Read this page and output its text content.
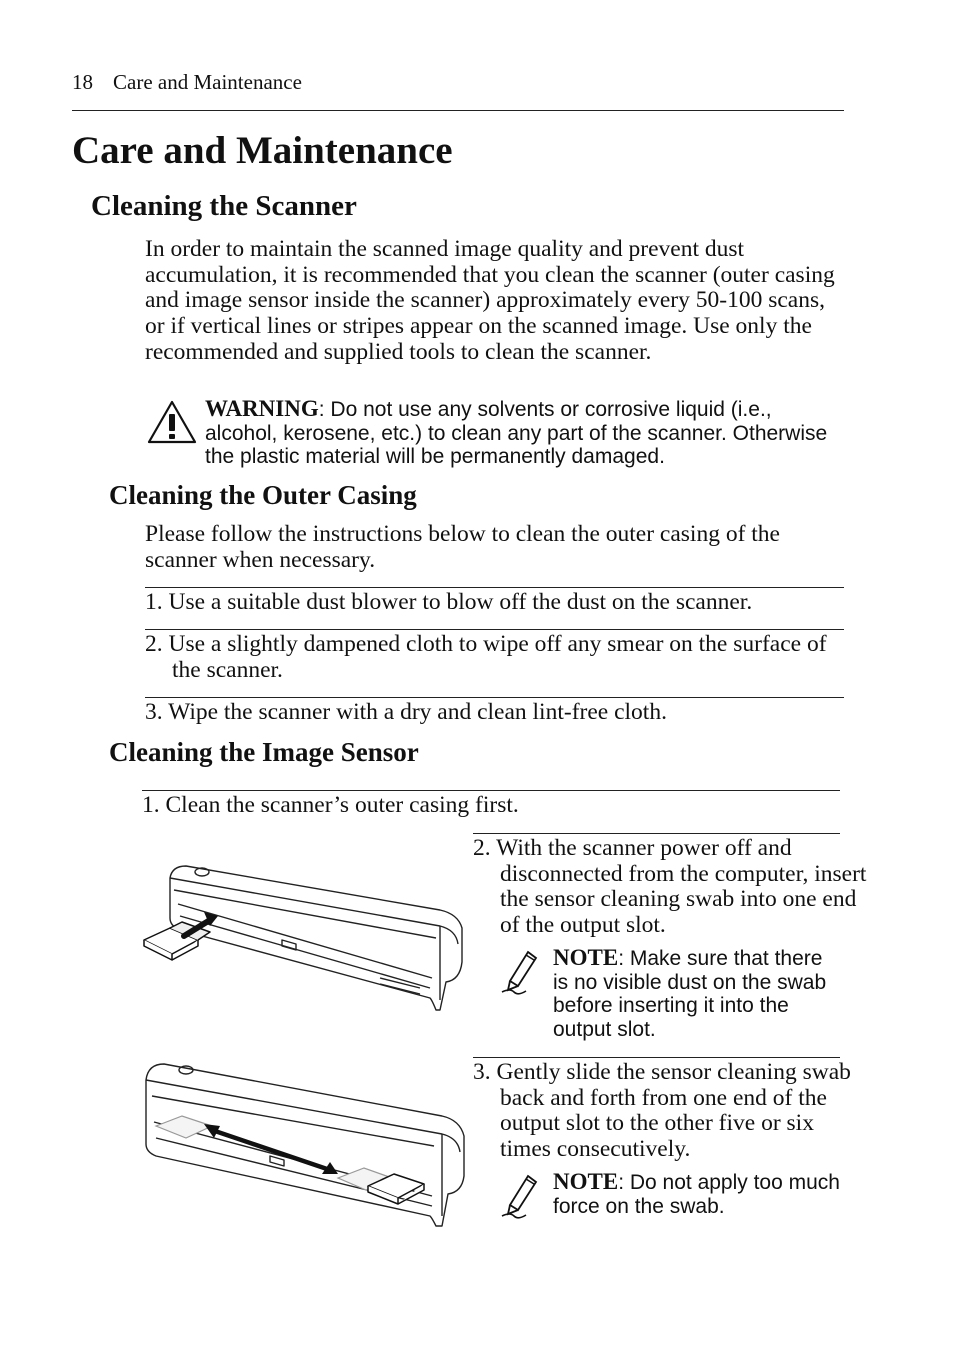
18 Care and Maintenance
Care and Maintenance
Cleaning the Scanner
In order to maintain the scanned image quality and prevent dust accumulation, it is recommended that you clean the scanner (outer casing and image sensor inside the scanner) approximately every 50-100 scans, or if vertical lines or stripes appear on the scanned image. Use only the recommended and supplied tools to clean the scanner.
WARNING: Do not use any solvents or corrosive liquid (i.e., alcohol, kerosene, etc.) to clean any part of the scanner. Otherwise the plastic material will be permanently damaged.
Cleaning the Outer Casing
Please follow the instructions below to clean the outer casing of the scanner when necessary.
1. Use a suitable dust blower to blow off the dust on the scanner.
2. Use a slightly dampened cloth to wipe off any smear on the surface of the scanner.
3. Wipe the scanner with a dry and clean lint-free cloth.
Cleaning the Image Sensor
1. Clean the scanner’s outer casing first.
2. With the scanner power off and disconnected from the computer, insert the sensor cleaning swab into one end of the output slot.
NOTE: Make sure that there is no visible dust on the swab before inserting it into the output slot.
3. Gently slide the sensor cleaning swab back and forth from one end of the output slot to the other five or six times consecutively.
NOTE: Do not apply too much force on the swab.
